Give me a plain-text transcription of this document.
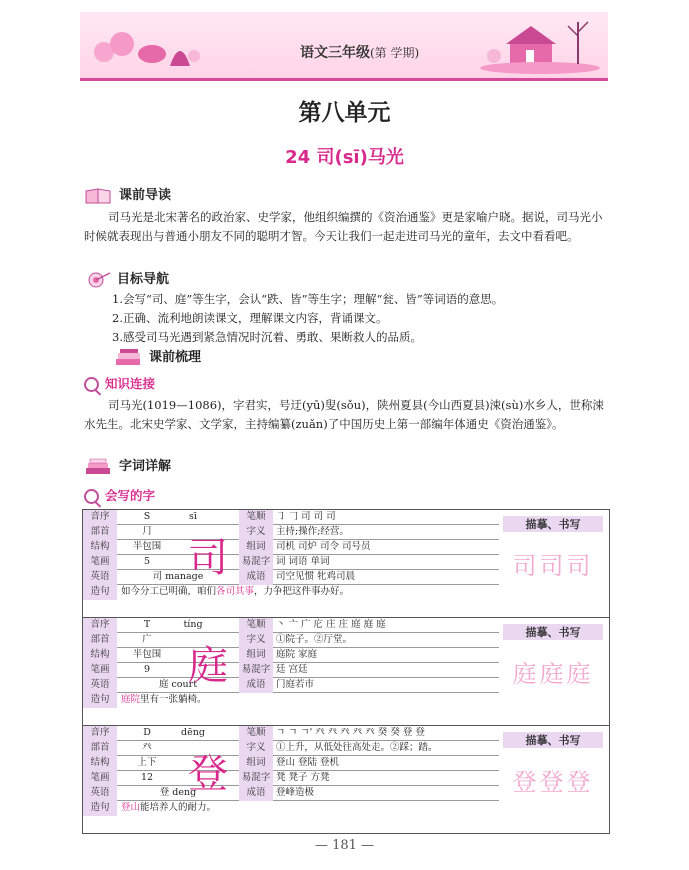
语文三年级(第 学期)
第八单元
24 司(sī)马光
课前导读
司马光是北宋著名的政治家、史学家，他组织编撰的《资治通鉴》更是家喻户晓。据说，司马光小时候就表现出与普通小朋友不同的聪明才智。今天让我们一起走进司马光的童年，去文中看看吧。
目标导航
1.会写“司、庭”等生字，会认“跌、皆”等生字；理解“瓮、皆”等词语的意思。
2.正确、流利地朗读课文，理解课文内容，背诵课文。
3.感受司马光遇到紧急情况时沉着、勇敢、果断救人的品质。
课前梳理
知识连接
司马光(1019—1086)，字君实，号迂(yū)叟(sǒu)，陕州夏县(今山西夏县)涑(sù)水乡人，世称涑水先生。北宋史学家、文学家，主持编纂(zuǎn)了中国历史上第一部编年体通史《资治通鉴》。
字词详解
会写的字
音序	S	sī	笔顺	㇆ 𠃌 司 司 司
部首	⺆	字义	主持;操作;经营。
结构	半包围	组词	司机 司炉 司令 司号员
笔画	5	易混字 词 词语 单词
英语	司 manage	成语	司空见惯 牝鸡司晨
造句	如今分工已明确，咱们各司其事，力争把这件事办好。
司
描摹、书写
司司司
音序	T	tíng	笔顺	丶 亠 广 庀 庄 庄 庭 庭 庭
部首	广	字义	①院子。②厅堂。
结构	半包围	组词	庭院 家庭
笔画	9	易混字 廷 宫廷
英语	庭 court	成语	门庭若市
造句	庭院里有一张躺椅。
庭
描摹、书写
庭庭庭
音序	D	dēng	笔顺	ㄱ ㄱ ㄱ' 癶 癶 癶 癶 癶 癸 癸 登 登
部首	癶	字义	①上升，从低处往高处走。②踩；踏。
结构	上下	组词	登山 登陆 登机
笔画	12	易混字 凳 凳子 方凳
英语	登 deng	成语	登峰造极
造句	登山能培养人的耐力。
登
描摹、书写
登登登
— 181 —
